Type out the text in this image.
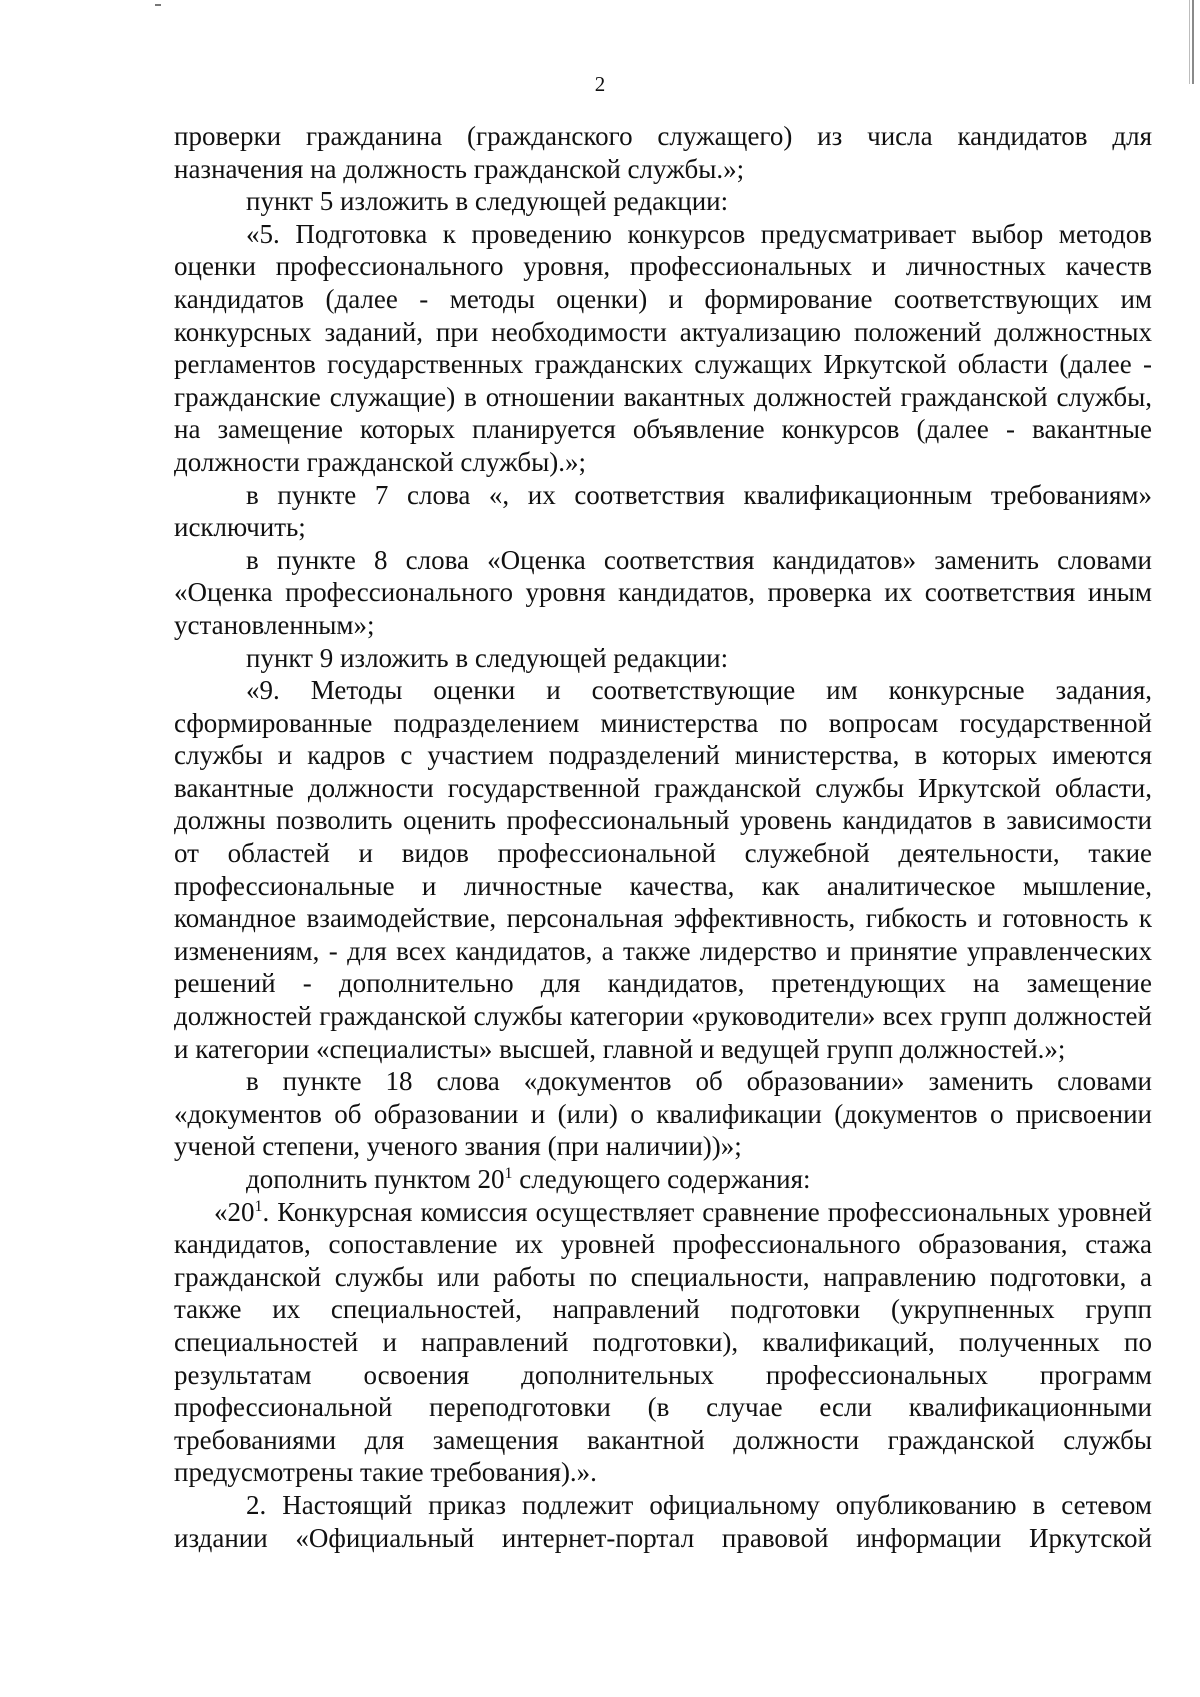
2

проверки гражданина (гражданского служащего) из числа кандидатов для назначения на должность гражданской службы.»;

пункт 5 изложить в следующей редакции:

«5. Подготовка к проведению конкурсов предусматривает выбор методов оценки профессионального уровня, профессиональных и личностных качеств кандидатов (далее - методы оценки) и формирование соответствующих им конкурсных заданий, при необходимости актуализацию положений должностных регламентов государственных гражданских служащих Иркутской области (далее - гражданские служащие) в отношении вакантных должностей гражданской службы, на замещение которых планируется объявление конкурсов (далее - вакантные должности гражданской службы).»;

в пункте 7 слова «, их соответствия квалификационным требованиям» исключить;

в пункте 8 слова «Оценка соответствия кандидатов» заменить словами «Оценка профессионального уровня кандидатов, проверка их соответствия иным установленным»;

пункт 9 изложить в следующей редакции:

«9. Методы оценки и соответствующие им конкурсные задания, сформированные подразделением министерства по вопросам государственной службы и кадров с участием подразделений министерства, в которых имеются вакантные должности государственной гражданской службы Иркутской области, должны позволить оценить профессиональный уровень кандидатов в зависимости от областей и видов профессиональной служебной деятельности, такие профессиональные и личностные качества, как аналитическое мышление, командное взаимодействие, персональная эффективность, гибкость и готовность к изменениям, - для всех кандидатов, а также лидерство и принятие управленческих решений - дополнительно для кандидатов, претендующих на замещение должностей гражданской службы категории «руководители» всех групп должностей и категории «специалисты» высшей, главной и ведущей групп должностей.»;

в пункте 18 слова «документов об образовании» заменить словами «документов об образовании и (или) о квалификации (документов о присвоении ученой степени, ученого звания (при наличии))»;

дополнить пунктом $20^1$ следующего содержания:

«$20^1$. Конкурсная комиссия осуществляет сравнение профессиональных уровней кандидатов, сопоставление их уровней профессионального образования, стажа гражданской службы или работы по специальности, направлению подготовки, а также их специальностей, направлений подготовки (укрупненных групп специальностей и направлений подготовки), квалификаций, полученных по результатам освоения дополнительных профессиональных программ профессиональной переподготовки (в случае если квалификационными требованиями для замещения вакантной должности гражданской службы предусмотрены такие требования).».

2. Настоящий приказ подлежит официальному опубликованию в сетевом издании «Официальный интернет-портал правовой информации Иркутской
